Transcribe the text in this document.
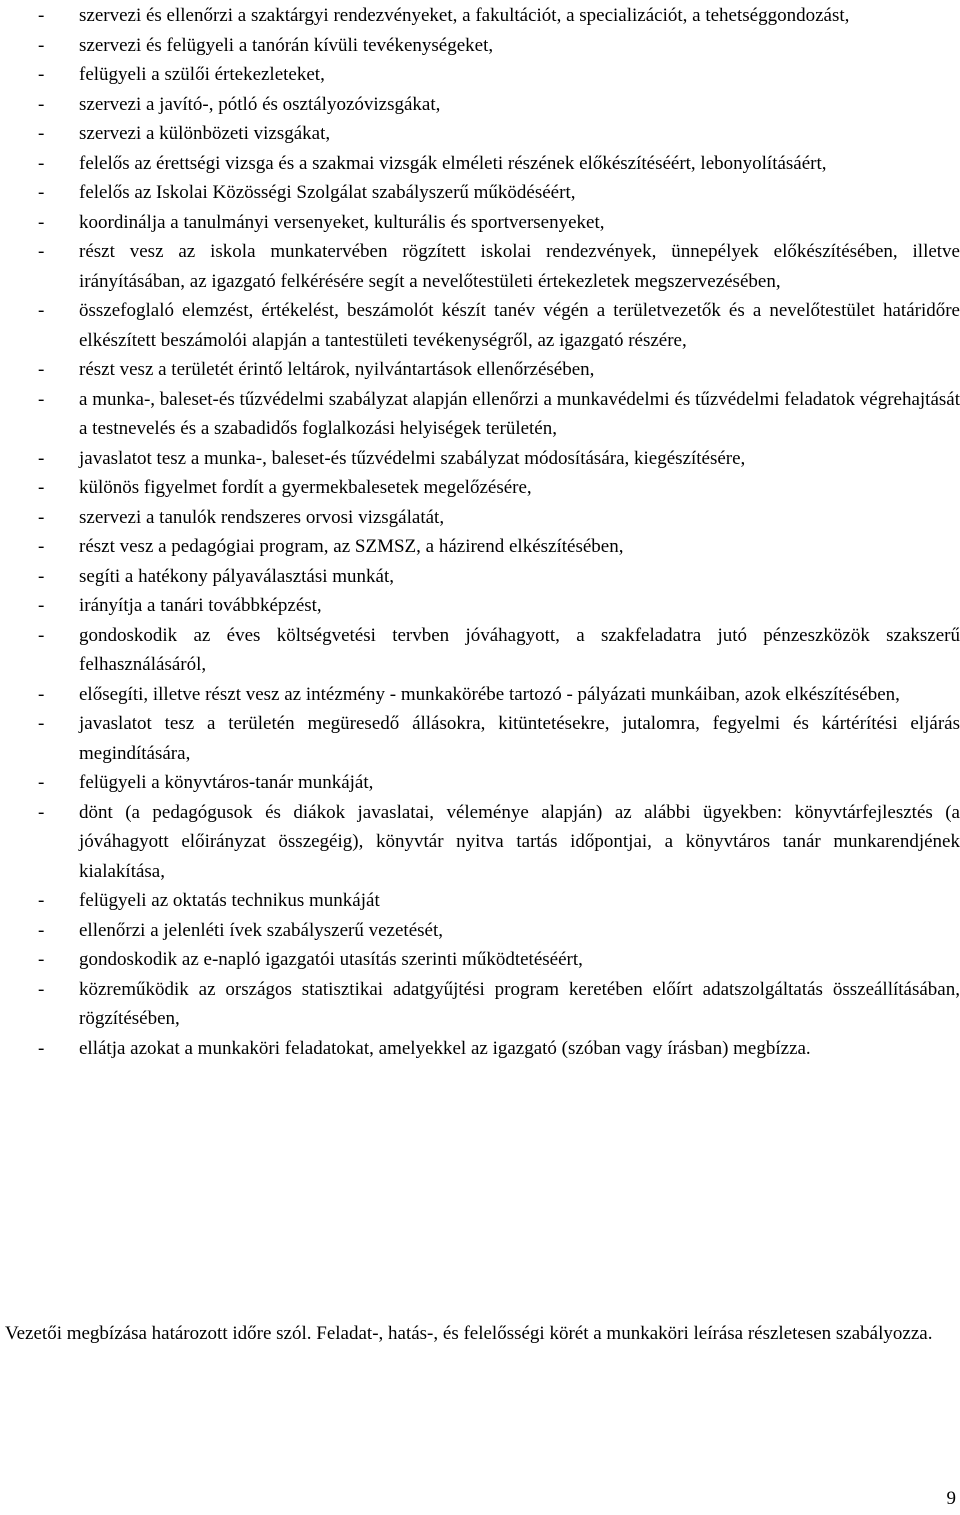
- szervezi és ellenőrzi a szaktárgyi rendezvényeket, a fakultációt, a specializációt, a tehetséggondozást,
- szervezi és felügyeli a tanórán kívüli tevékenységeket,
- felügyeli a szülői értekezleteket,
- szervezi a javító-, pótló és osztályozóvizsgákat,
- szervezi a különbözeti vizsgákat,
- felelős az érettségi vizsga és a szakmai vizsgák elméleti részének előkészítéséért, lebonyolításáért,
- felelős az Iskolai Közösségi Szolgálat szabályszerű működéséért,
- koordinálja a tanulmányi versenyeket, kulturális és sportversenyeket,
- részt vesz az iskola munkatervében rögzített iskolai rendezvények, ünnepélyek előkészítésében, illetve irányításában, az igazgató felkérésére segít a nevelőtestületi értekezletek megszervezésében,
- összefoglaló elemzést, értékelést, beszámolót készít tanév végén a területvezetők és a nevelőtestület határidőre elkészített beszámolói alapján a tantestületi tevékenységről, az igazgató részére,
- részt vesz a területét érintő leltárok, nyilvántartások ellenőrzésében,
- a munka-, baleset-és tűzvédelmi szabályzat alapján ellenőrzi a munkavédelmi és tűzvédelmi feladatok végrehajtását a testnevelés és a szabadidős foglalkozási helyiségek területén,
- javaslatot tesz a munka-, baleset-és tűzvédelmi szabályzat módosítására, kiegészítésére,
- különös figyelmet fordít a gyermekbalesetek megelőzésére,
- szervezi a tanulók rendszeres orvosi vizsgálatát,
- részt vesz a pedagógiai program, az SZMSZ, a házirend elkészítésében,
- segíti a hatékony pályaválasztási munkát,
- irányítja a tanári továbbképzést,
- gondoskodik az éves költségvetési tervben jóváhagyott, a szakfeladatra jutó pénzeszközök szakszerű felhasználásáról,
- elősegíti, illetve részt vesz az intézmény - munkakörébe tartozó - pályázati munkáiban, azok elkészítésében,
- javaslatot tesz a területén megüresedő állásokra, kitüntetésekre, jutalomra, fegyelmi és kártérítési eljárás megindítására,
- felügyeli a könyvtáros-tanár munkáját,
- dönt (a pedagógusok és diákok javaslatai, véleménye alapján) az alábbi ügyekben: könyvtárfejlesztés (a jóváhagyott előirányzat összegéig), könyvtár nyitva tartás időpontjai, a könyvtáros tanár munkarendjének kialakítása,
- felügyeli az oktatás technikus munkáját
- ellenőrzi a jelenléti ívek szabályszerű vezetését,
- gondoskodik az e-napló igazgatói utasítás szerinti működtetéséért,
- közreműködik az országos statisztikai adatgyűjtési program keretében előírt adatszolgáltatás összeállításában, rögzítésében,
- ellátja azokat a munkaköri feladatokat, amelyekkel az igazgató (szóban vagy írásban) megbízza.

Vezetői megbízása határozott időre szól. Feladat-, hatás-, és felelősségi körét a munkaköri leírása részletesen szabályozza.

9
